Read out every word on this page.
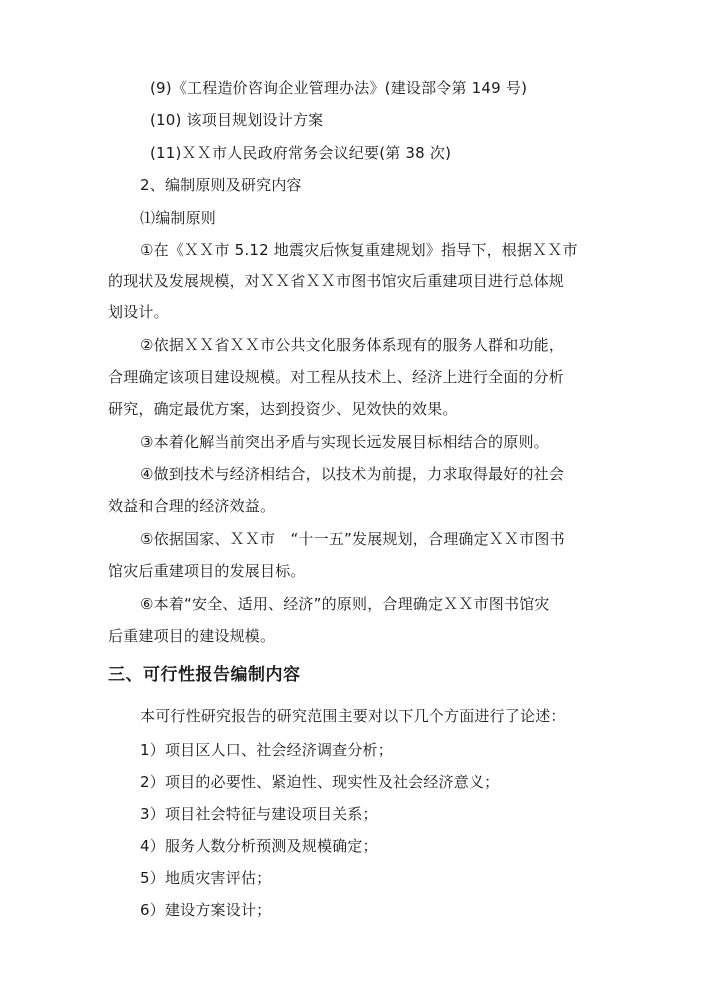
(9)《工程造价咨询企业管理办法》(建设部令第 149 号)
(10) 该项目规划设计方案
(11)ＸＸ市人民政府常务会议纪要(第 38 次)
2、编制原则及研究内容
⑴编制原则
①在《ＸＸ市 5.12 地震灾后恢复重建规划》指导下，根据ＸＸ市
的现状及发展规模，对ＸＸ省ＸＸ市图书馆灾后重建项目进行总体规
划设计。
②依据ＸＸ省ＸＸ市公共文化服务体系现有的服务人群和功能，
合理确定该项目建设规模。对工程从技术上、经济上进行全面的分析
研究，确定最优方案，达到投资少、见效快的效果。
③本着化解当前突出矛盾与实现长远发展目标相结合的原则。
④做到技术与经济相结合，以技术为前提，力求取得最好的社会
效益和合理的经济效益。
⑤依据国家、ＸＸ市　“十一五”发展规划，合理确定ＸＸ市图书
馆灾后重建项目的发展目标。
⑥本着“安全、适用、经济”的原则，合理确定ＸＸ市图书馆灾
后重建项目的建设规模。
三、可行性报告编制内容
本可行性研究报告的研究范围主要对以下几个方面进行了论述：
1）项目区人口、社会经济调查分析；
2）项目的必要性、紧迫性、现实性及社会经济意义；
3）项目社会特征与建设项目关系；
4）服务人数分析预测及规模确定；
5）地质灾害评估；
6）建设方案设计；
